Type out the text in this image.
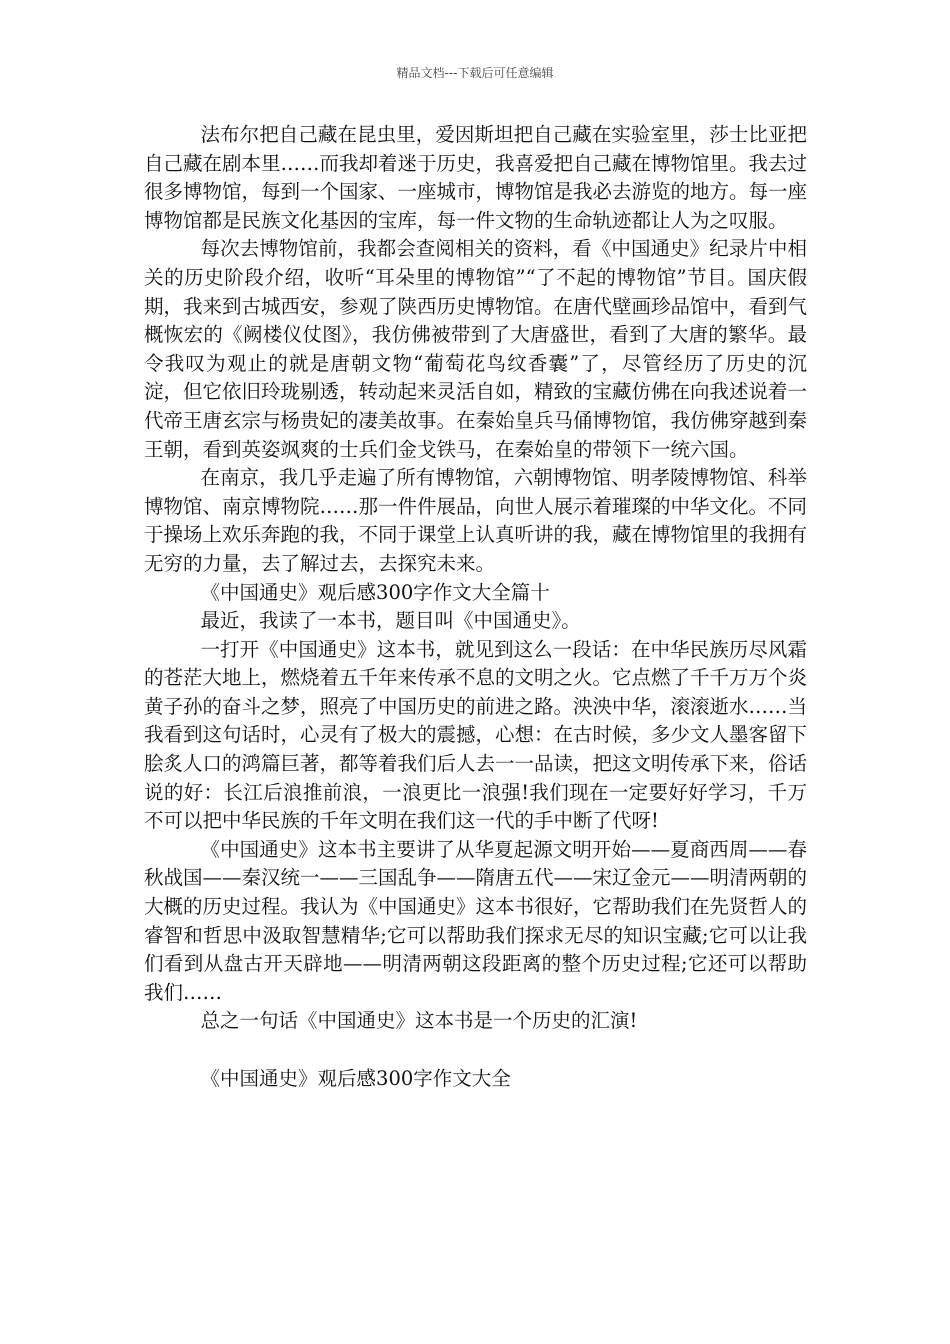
精品文档---下载后可任意编辑

法布尔把自己藏在昆虫里，爱因斯坦把自己藏在实验室里，莎士比亚把自己藏在剧本里……而我却着迷于历史，我喜爱把自己藏在博物馆里。我去过很多博物馆，每到一个国家、一座城市，博物馆是我必去游览的地方。每一座博物馆都是民族文化基因的宝库，每一件文物的生命轨迹都让人为之叹服。

每次去博物馆前，我都会查阅相关的资料，看《中国通史》纪录片中相关的历史阶段介绍，收听“耳朵里的博物馆”“了不起的博物馆”节目。国庆假期，我来到古城西安，参观了陕西历史博物馆。在唐代壁画珍品馆中，看到气概恢宏的《阙楼仪仗图》，我仿佛被带到了大唐盛世，看到了大唐的繁华。最令我叹为观止的就是唐朝文物“葡萄花鸟纹香囊”了，尽管经历了历史的沉淀，但它依旧玲珑剔透，转动起来灵活自如，精致的宝藏仿佛在向我述说着一代帝王唐玄宗与杨贵妃的凄美故事。在秦始皇兵马俑博物馆，我仿佛穿越到秦王朝，看到英姿飒爽的士兵们金戈铁马，在秦始皇的带领下一统六国。

在南京，我几乎走遍了所有博物馆，六朝博物馆、明孝陵博物馆、科举博物馆、南京博物院……那一件件展品，向世人展示着璀璨的中华文化。不同于操场上欢乐奔跑的我，不同于课堂上认真听讲的我，藏在博物馆里的我拥有无穷的力量，去了解过去，去探究未来。

《中国通史》观后感300字作文大全篇十

最近，我读了一本书，题目叫《中国通史》。

一打开《中国通史》这本书，就见到这么一段话：在中华民族历尽风霜的苍茫大地上，燃烧着五千年来传承不息的文明之火。它点燃了千千万万个炎黄子孙的奋斗之梦，照亮了中国历史的前进之路。泱泱中华，滚滚逝水……当我看到这句话时，心灵有了极大的震撼，心想：在古时候，多少文人墨客留下脍炙人口的鸿篇巨著，都等着我们后人去一一品读，把这文明传承下来，俗话说的好：长江后浪推前浪，一浪更比一浪强!我们现在一定要好好学习，千万不可以把中华民族的千年文明在我们这一代的手中断了代呀!

《中国通史》这本书主要讲了从华夏起源文明开始——夏商西周——春秋战国——秦汉统一——三国乱争——隋唐五代——宋辽金元——明清两朝的大概的历史过程。我认为《中国通史》这本书很好，它帮助我们在先贤哲人的睿智和哲思中汲取智慧精华;它可以帮助我们探求无尽的知识宝藏;它可以让我们看到从盘古开天辟地——明清两朝这段距离的整个历史过程;它还可以帮助我们……

总之一句话《中国通史》这本书是一个历史的汇演!

《中国通史》观后感300字作文大全
